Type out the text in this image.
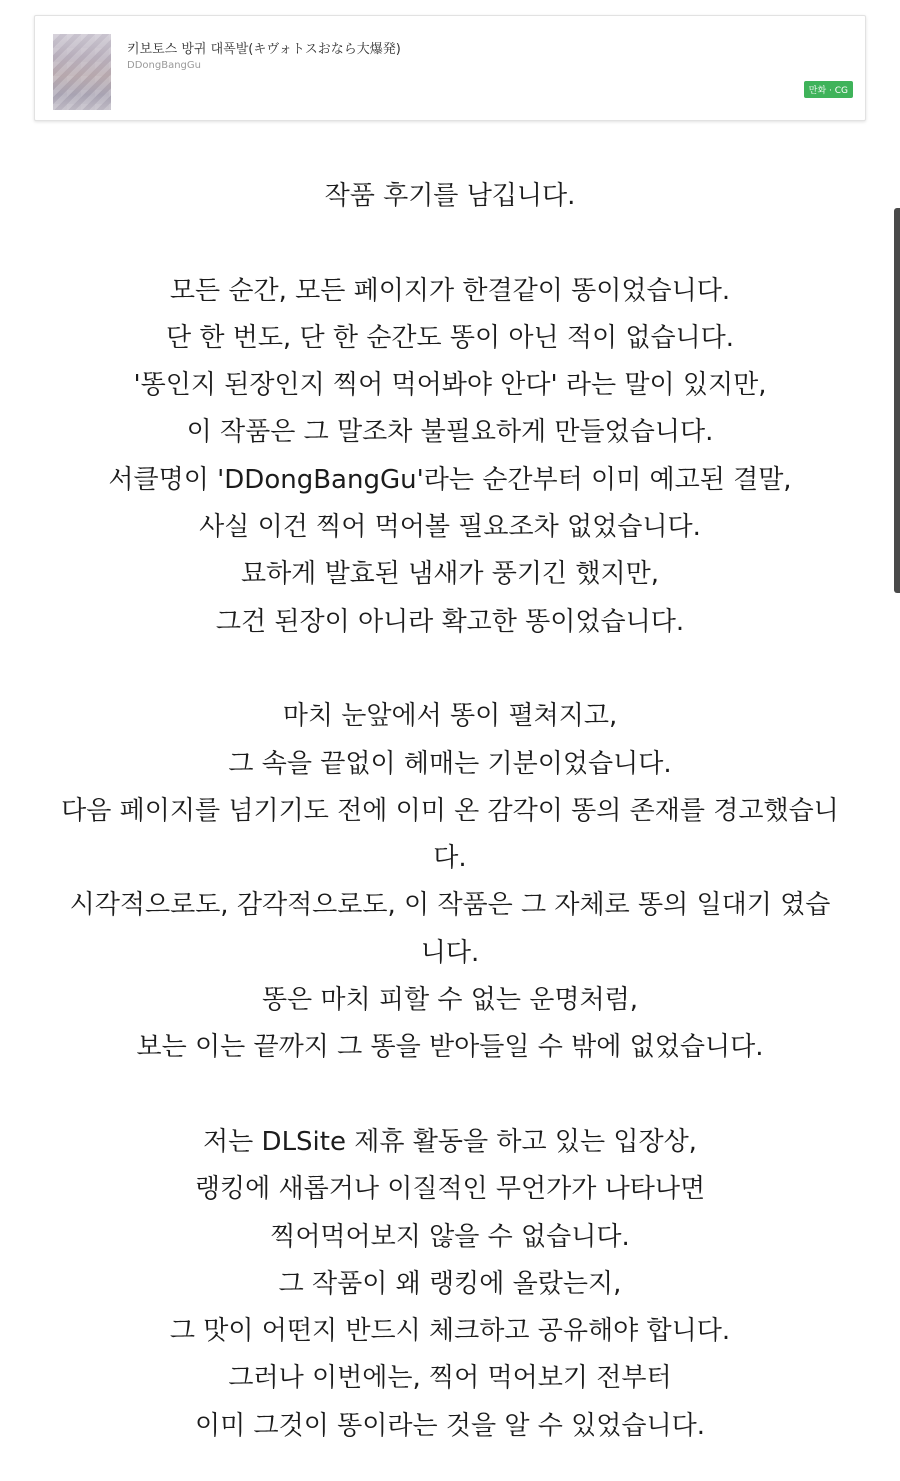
키보토스 방귀 대폭발(キヴォトスおなら大爆発)
DDongBangGu
만화 · CG
작품 후기를 남깁니다.
모든 순간, 모든 페이지가 한결같이 똥이었습니다.
단 한 번도, 단 한 순간도 똥이 아닌 적이 없습니다.
'똥인지 된장인지 찍어 먹어봐야 안다' 라는 말이 있지만,
이 작품은 그 말조차 불필요하게 만들었습니다.
서클명이 'DDongBangGu'라는 순간부터 이미 예고된 결말,
사실 이건 찍어 먹어볼 필요조차 없었습니다.
묘하게 발효된 냄새가 풍기긴 했지만,
그건 된장이 아니라 확고한 똥이었습니다.
마치 눈앞에서 똥이 펼쳐지고,
그 속을 끝없이 헤매는 기분이었습니다.
다음 페이지를 넘기기도 전에 이미 온 감각이 똥의 존재를 경고했습니
다.
시각적으로도, 감각적으로도, 이 작품은 그 자체로 똥의 일대기 였습
니다.
똥은 마치 피할 수 없는 운명처럼,
보는 이는 끝까지 그 똥을 받아들일 수 밖에 없었습니다.
저는 DLSite 제휴 활동을 하고 있는 입장상,
랭킹에 새롭거나 이질적인 무언가가 나타나면
찍어먹어보지 않을 수 없습니다.
그 작품이 왜 랭킹에 올랐는지,
그 맛이 어떤지 반드시 체크하고 공유해야 합니다.
그러나 이번에는, 찍어 먹어보기 전부터
이미 그것이 똥이라는 것을 알 수 있었습니다.
